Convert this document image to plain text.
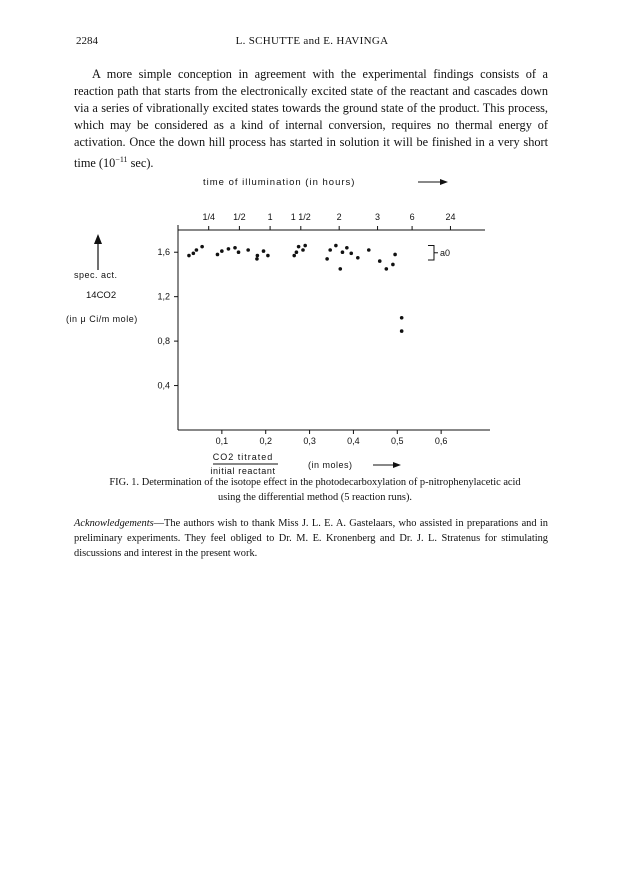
2284	L. SCHUTTE and E. HAVINGA
A more simple conception in agreement with the experimental findings consists of a reaction path that starts from the electronically excited state of the reactant and cascades down via a series of vibrationally excited states towards the ground state of the product. This process, which may be considered as a kind of internal conversion, requires no thermal energy of activation. Once the down hill process has started in solution it will be finished in a very short time ($10^{-11}$ sec).
time of illumination (in hours)
1/4 1/2 1 1 1/2	2	3	6	24
1,6
1,2
0,8
0,4
0,1	0,2	0,3	0,4	0,5	0,6
spec. act.
14CO2
(in μ Ci/m mole)
CO2 titrated
initial reactant
(in moles)
a0
FIG. 1. Determination of the isotope effect in the photodecarboxylation of p-nitrophenylacetic acid using the differential method (5 reaction runs).
Acknowledgements—The authors wish to thank Miss J. L. E. A. Gastelaars, who assisted in preparations and in preliminary experiments. They feel obliged to Dr. M. E. Kronenberg and Dr. J. L. Stratenus for stimulating discussions and interest in the present work.
